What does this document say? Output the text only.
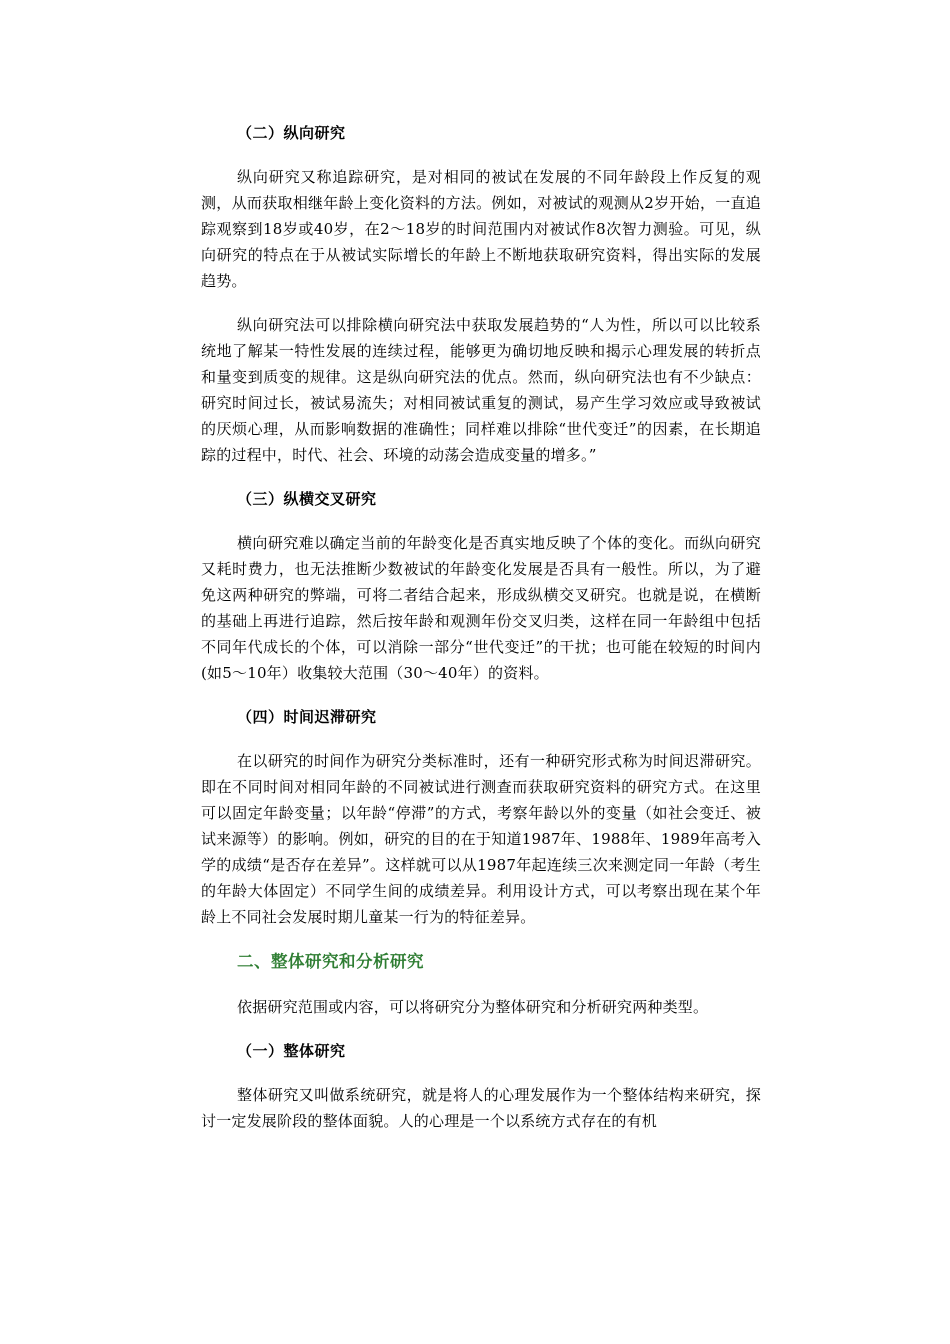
（二）纵向研究

纵向研究又称追踪研究，是对相同的被试在发展的不同年龄段上作反复的观测，从而获取相继年龄上变化资料的方法。例如，对被试的观测从2岁开始，一直追踪观察到18岁或40岁，在2～18岁的时间范围内对被试作8次智力测验。可见，纵向研究的特点在于从被试实际增长的年龄上不断地获取研究资料，得出实际的发展趋势。

纵向研究法可以排除横向研究法中获取发展趋势的“人为性，所以可以比较系统地了解某一特性发展的连续过程，能够更为确切地反映和揭示心理发展的转折点和量变到质变的规律。这是纵向研究法的优点。然而，纵向研究法也有不少缺点：研究时间过长，被试易流失；对相同被试重复的测试，易产生学习效应或导致被试的厌烦心理，从而影响数据的准确性；同样难以排除“世代变迁”的因素，在长期追踪的过程中，时代、社会、环境的动荡会造成变量的增多。”

（三）纵横交叉研究

横向研究难以确定当前的年龄变化是否真实地反映了个体的变化。而纵向研究又耗时费力，也无法推断少数被试的年龄变化发展是否具有一般性。所以，为了避免这两种研究的弊端，可将二者结合起来，形成纵横交叉研究。也就是说，在横断的基础上再进行追踪，然后按年龄和观测年份交叉归类，这样在同一年龄组中包括不同年代成长的个体，可以消除一部分“世代变迁”的干扰；也可能在较短的时间内(如5～10年）收集较大范围（30～40年）的资料。

（四）时间迟滞研究

在以研究的时间作为研究分类标准时，还有一种研究形式称为时间迟滞研究。即在不同时间对相同年龄的不同被试进行测查而获取研究资料的研究方式。在这里可以固定年龄变量；以年龄“停滞”的方式，考察年龄以外的变量（如社会变迁、被试来源等）的影响。例如，研究的目的在于知道1987年、1988年、1989年高考入学的成绩“是否存在差异”。这样就可以从1987年起连续三次来测定同一年龄（考生的年龄大体固定）不同学生间的成绩差异。利用设计方式，可以考察出现在某个年龄上不同社会发展时期儿童某一行为的特征差异。

二、整体研究和分析研究

依据研究范围或内容，可以将研究分为整体研究和分析研究两种类型。

（一）整体研究

整体研究又叫做系统研究，就是将人的心理发展作为一个整体结构来研究，探讨一定发展阶段的整体面貌。人的心理是一个以系统方式存在的有机
